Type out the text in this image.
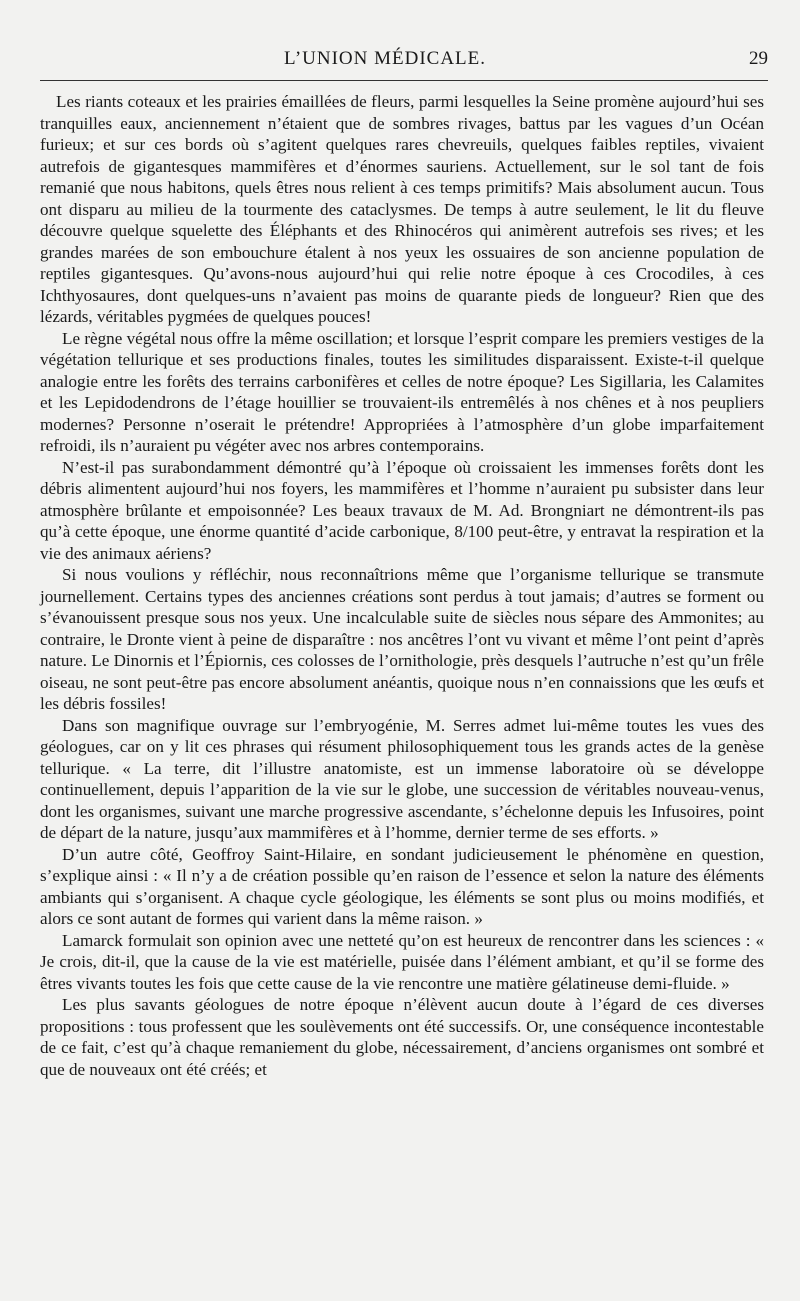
L’UNION MÉDICALE.	29

Les riants coteaux et les prairies émaillées de fleurs, parmi lesquelles la Seine promène aujourd’hui ses tranquilles eaux, anciennement n’étaient que de sombres rivages, battus par les vagues d’un Océan furieux; et sur ces bords où s’agitent quelques rares chevreuils, quelques faibles reptiles, vivaient autrefois de gigantesques mammifères et d’énormes sauriens. Actuellement, sur le sol tant de fois remanié que nous habitons, quels êtres nous relient à ces temps primitifs? Mais absolument aucun. Tous ont disparu au milieu de la tourmente des cataclysmes. De temps à autre seulement, le lit du fleuve découvre quelque squelette des Éléphants et des Rhinocéros qui animèrent autrefois ses rives; et les grandes marées de son embouchure étalent à nos yeux les ossuaires de son ancienne population de reptiles gigantesques. Qu’avons-nous aujourd’hui qui relie notre époque à ces Crocodiles, à ces Ichthyosaures, dont quelques-uns n’avaient pas moins de quarante pieds de longueur? Rien que des lézards, véritables pygmées de quelques pouces!

Le règne végétal nous offre la même oscillation; et lorsque l’esprit compare les premiers vestiges de la végétation tellurique et ses productions finales, toutes les similitudes disparaissent. Existe-t-il quelque analogie entre les forêts des terrains carbonifères et celles de notre époque? Les Sigillaria, les Calamites et les Lepidodendrons de l’étage houillier se trouvaient-ils entremêlés à nos chênes et à nos peupliers modernes? Personne n’oserait le prétendre! Appropriées à l’atmosphère d’un globe imparfaitement refroidi, ils n’auraient pu végéter avec nos arbres contemporains.

N’est-il pas surabondamment démontré qu’à l’époque où croissaient les immenses forêts dont les débris alimentent aujourd’hui nos foyers, les mammifères et l’homme n’auraient pu subsister dans leur atmosphère brûlante et empoisonnée? Les beaux travaux de M. Ad. Brongniart ne démontrent-ils pas qu’à cette époque, une énorme quantité d’acide carbonique, 8/100 peut-être, y entravat la respiration et la vie des animaux aériens?

Si nous voulions y réfléchir, nous reconnaîtrions même que l’organisme tellurique se transmute journellement. Certains types des anciennes créations sont perdus à tout jamais; d’autres se forment ou s’évanouissent presque sous nos yeux. Une incalculable suite de siècles nous sépare des Ammonites; au contraire, le Dronte vient à peine de disparaître : nos ancêtres l’ont vu vivant et même l’ont peint d’après nature. Le Dinornis et l’Épiornis, ces colosses de l’ornithologie, près desquels l’autruche n’est qu’un frêle oiseau, ne sont peut-être pas encore absolument anéantis, quoique nous n’en connaissions que les œufs et les débris fossiles!

Dans son magnifique ouvrage sur l’embryogénie, M. Serres admet lui-même toutes les vues des géologues, car on y lit ces phrases qui résument philosophiquement tous les grands actes de la genèse tellurique. « La terre, dit l’illustre anatomiste, est un immense laboratoire où se développe continuellement, depuis l’apparition de la vie sur le globe, une succession de véritables nouveau-venus, dont les organismes, suivant une marche progressive ascendante, s’échelonne depuis les Infusoires, point de départ de la nature, jusqu’aux mammifères et à l’homme, dernier terme de ses efforts. »

D’un autre côté, Geoffroy Saint-Hilaire, en sondant judicieusement le phénomène en question, s’explique ainsi : « Il n’y a de création possible qu’en raison de l’essence et selon la nature des éléments ambiants qui s’organisent. A chaque cycle géologique, les éléments se sont plus ou moins modifiés, et alors ce sont autant de formes qui varient dans la même raison. »

Lamarck formulait son opinion avec une netteté qu’on est heureux de rencontrer dans les sciences : « Je crois, dit-il, que la cause de la vie est matérielle, puisée dans l’élément ambiant, et qu’il se forme des êtres vivants toutes les fois que cette cause de la vie rencontre une matière gélatineuse demi-fluide. »

Les plus savants géologues de notre époque n’élèvent aucun doute à l’égard de ces diverses propositions : tous professent que les soulèvements ont été successifs. Or, une conséquence incontestable de ce fait, c’est qu’à chaque remaniement du globe, nécessairement, d’anciens organismes ont sombré et que de nouveaux ont été créés; et
